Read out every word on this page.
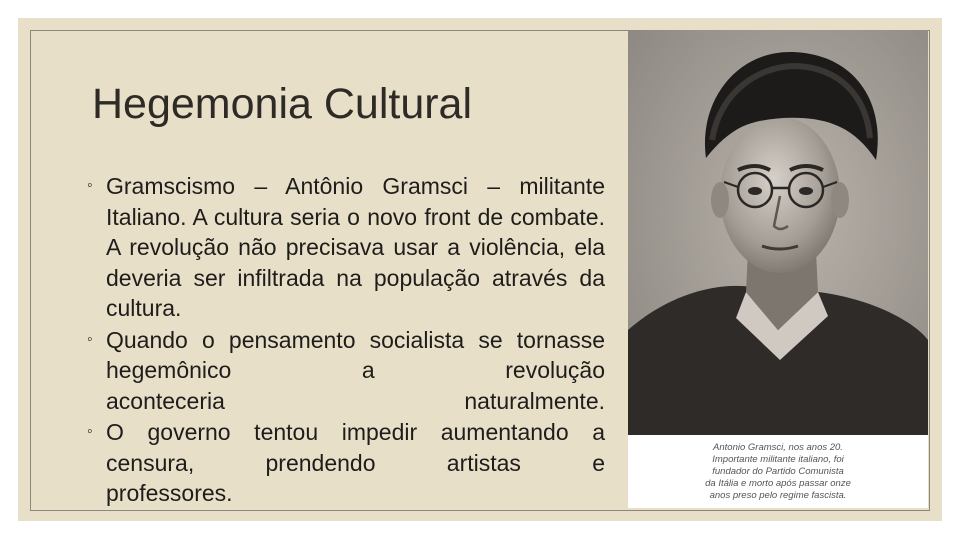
Hegemonia Cultural
◦ Gramscismo – Antônio Gramsci – militante Italiano. A cultura seria o novo front de combate. A revolução não precisava usar a violência, ela deveria ser infiltrada na população através da
cultura.
◦ Quando o pensamento socialista se tornasse hegemônico a revolução
aconteceria naturalmente.
◦ O governo tentou impedir aumentando a censura, prendendo artistas e
professores.
Antonio Gramsci, nos anos 20.
Importante militante italiano, foi
fundador do Partido Comunista
da Itália e morto após passar onze
anos preso pelo regime fascista.
